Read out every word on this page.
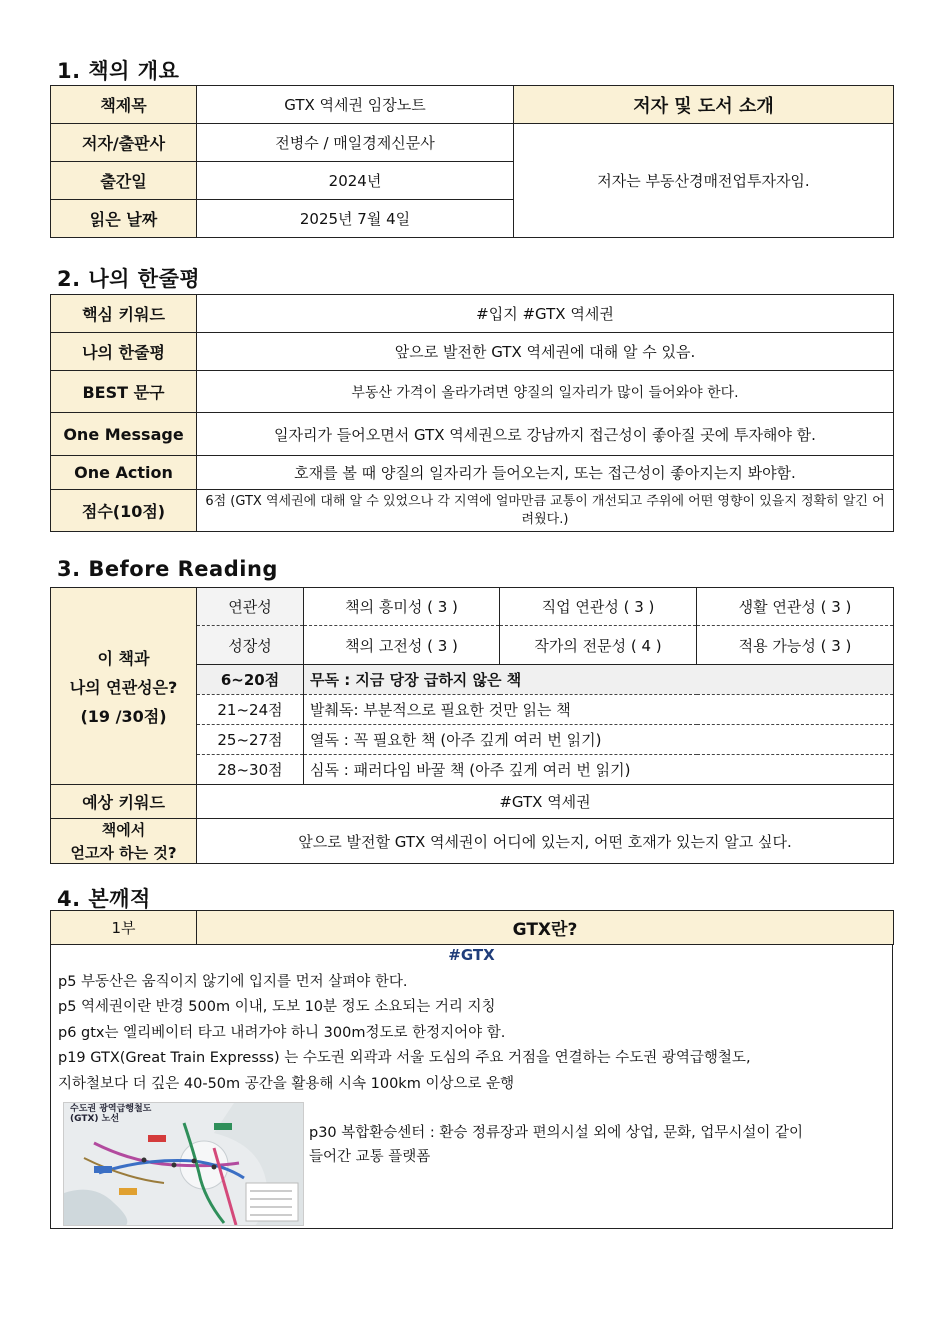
1. 책의 개요
책제목	GTX 역세권 임장노트	저자 및 도서 소개
저자/출판사	전병수 / 매일경제신문사	저자는 부동산경매전업투자자임.
출간일	2024년	
읽은 날짜	2025년 7월 4일	
2. 나의 한줄평
핵심 키워드	#입지 #GTX 역세권
나의 한줄평	앞으로 발전한 GTX 역세권에 대해 알 수 있음.
BEST 문구	부동산 가격이 올라가려면 양질의 일자리가 많이 들어와야 한다.
One Message	일자리가 들어오면서 GTX 역세권으로 강남까지 접근성이 좋아질 곳에 투자해야 함.
One Action	호재를 볼 때 양질의 일자리가 들어오는지, 또는 접근성이 좋아지는지 봐야함.
점수(10점)	6점 (GTX 역세권에 대해 알 수 있었으나 각 지역에 얼마만큼 교통이 개선되고 주위에 어떤 영향이 있을지 정확히 알긴 어려웠다.)
3. Before Reading
이 책과
나의 연관성은?
(19 /30점)	연관성	책의 흥미성 ( 3 )	직업 연관성 ( 3 )	생활 연관성 ( 3 )
	성장성	책의 고전성 ( 3 )	작가의 전문성 ( 4 )	적용 가능성 ( 3 )
	6~20점	무독 : 지금 당장 급하지 않은 책		
	21~24점	발췌독: 부분적으로 필요한 것만 읽는 책		
	25~27점	열독 : 꼭 필요한 책 (아주 깊게 여러 번 읽기)		
	28~30점	심독 : 패러다임 바꿀 책 (아주 깊게 여러 번 읽기)		
예상 키워드	#GTX 역세권			

책에서
얻고자 하는 것?	앞으로 발전할 GTX 역세권이 어디에 있는지, 어떤 호재가 있는지 알고 싶다.			
4. 본깨적
1부	GTX란?
#GTX
p5 부동산은 움직이지 않기에 입지를 먼저 살펴야 한다.
p5 역세권이란 반경 500m 이내, 도보 10분 정도 소요되는 거리 지칭
p6 gtx는 엘리베이터 타고 내려가야 하니 300m정도로 한정지어야 함.
p19 GTX(Great Train Expresss) 는 수도권 외곽과 서울 도심의 주요 거점을 연결하는 수도권 광역급행철도,
지하철보다 더 깊은 40-50m 공간을 활용해 시속 100km 이상으로 운행
수도권 광역급행철도
(GTX) 노선
p30 복합환승센터 : 환승 정류장과 편의시설 외에 상업, 문화, 업무시설이 같이
들어간 교통 플랫폼
